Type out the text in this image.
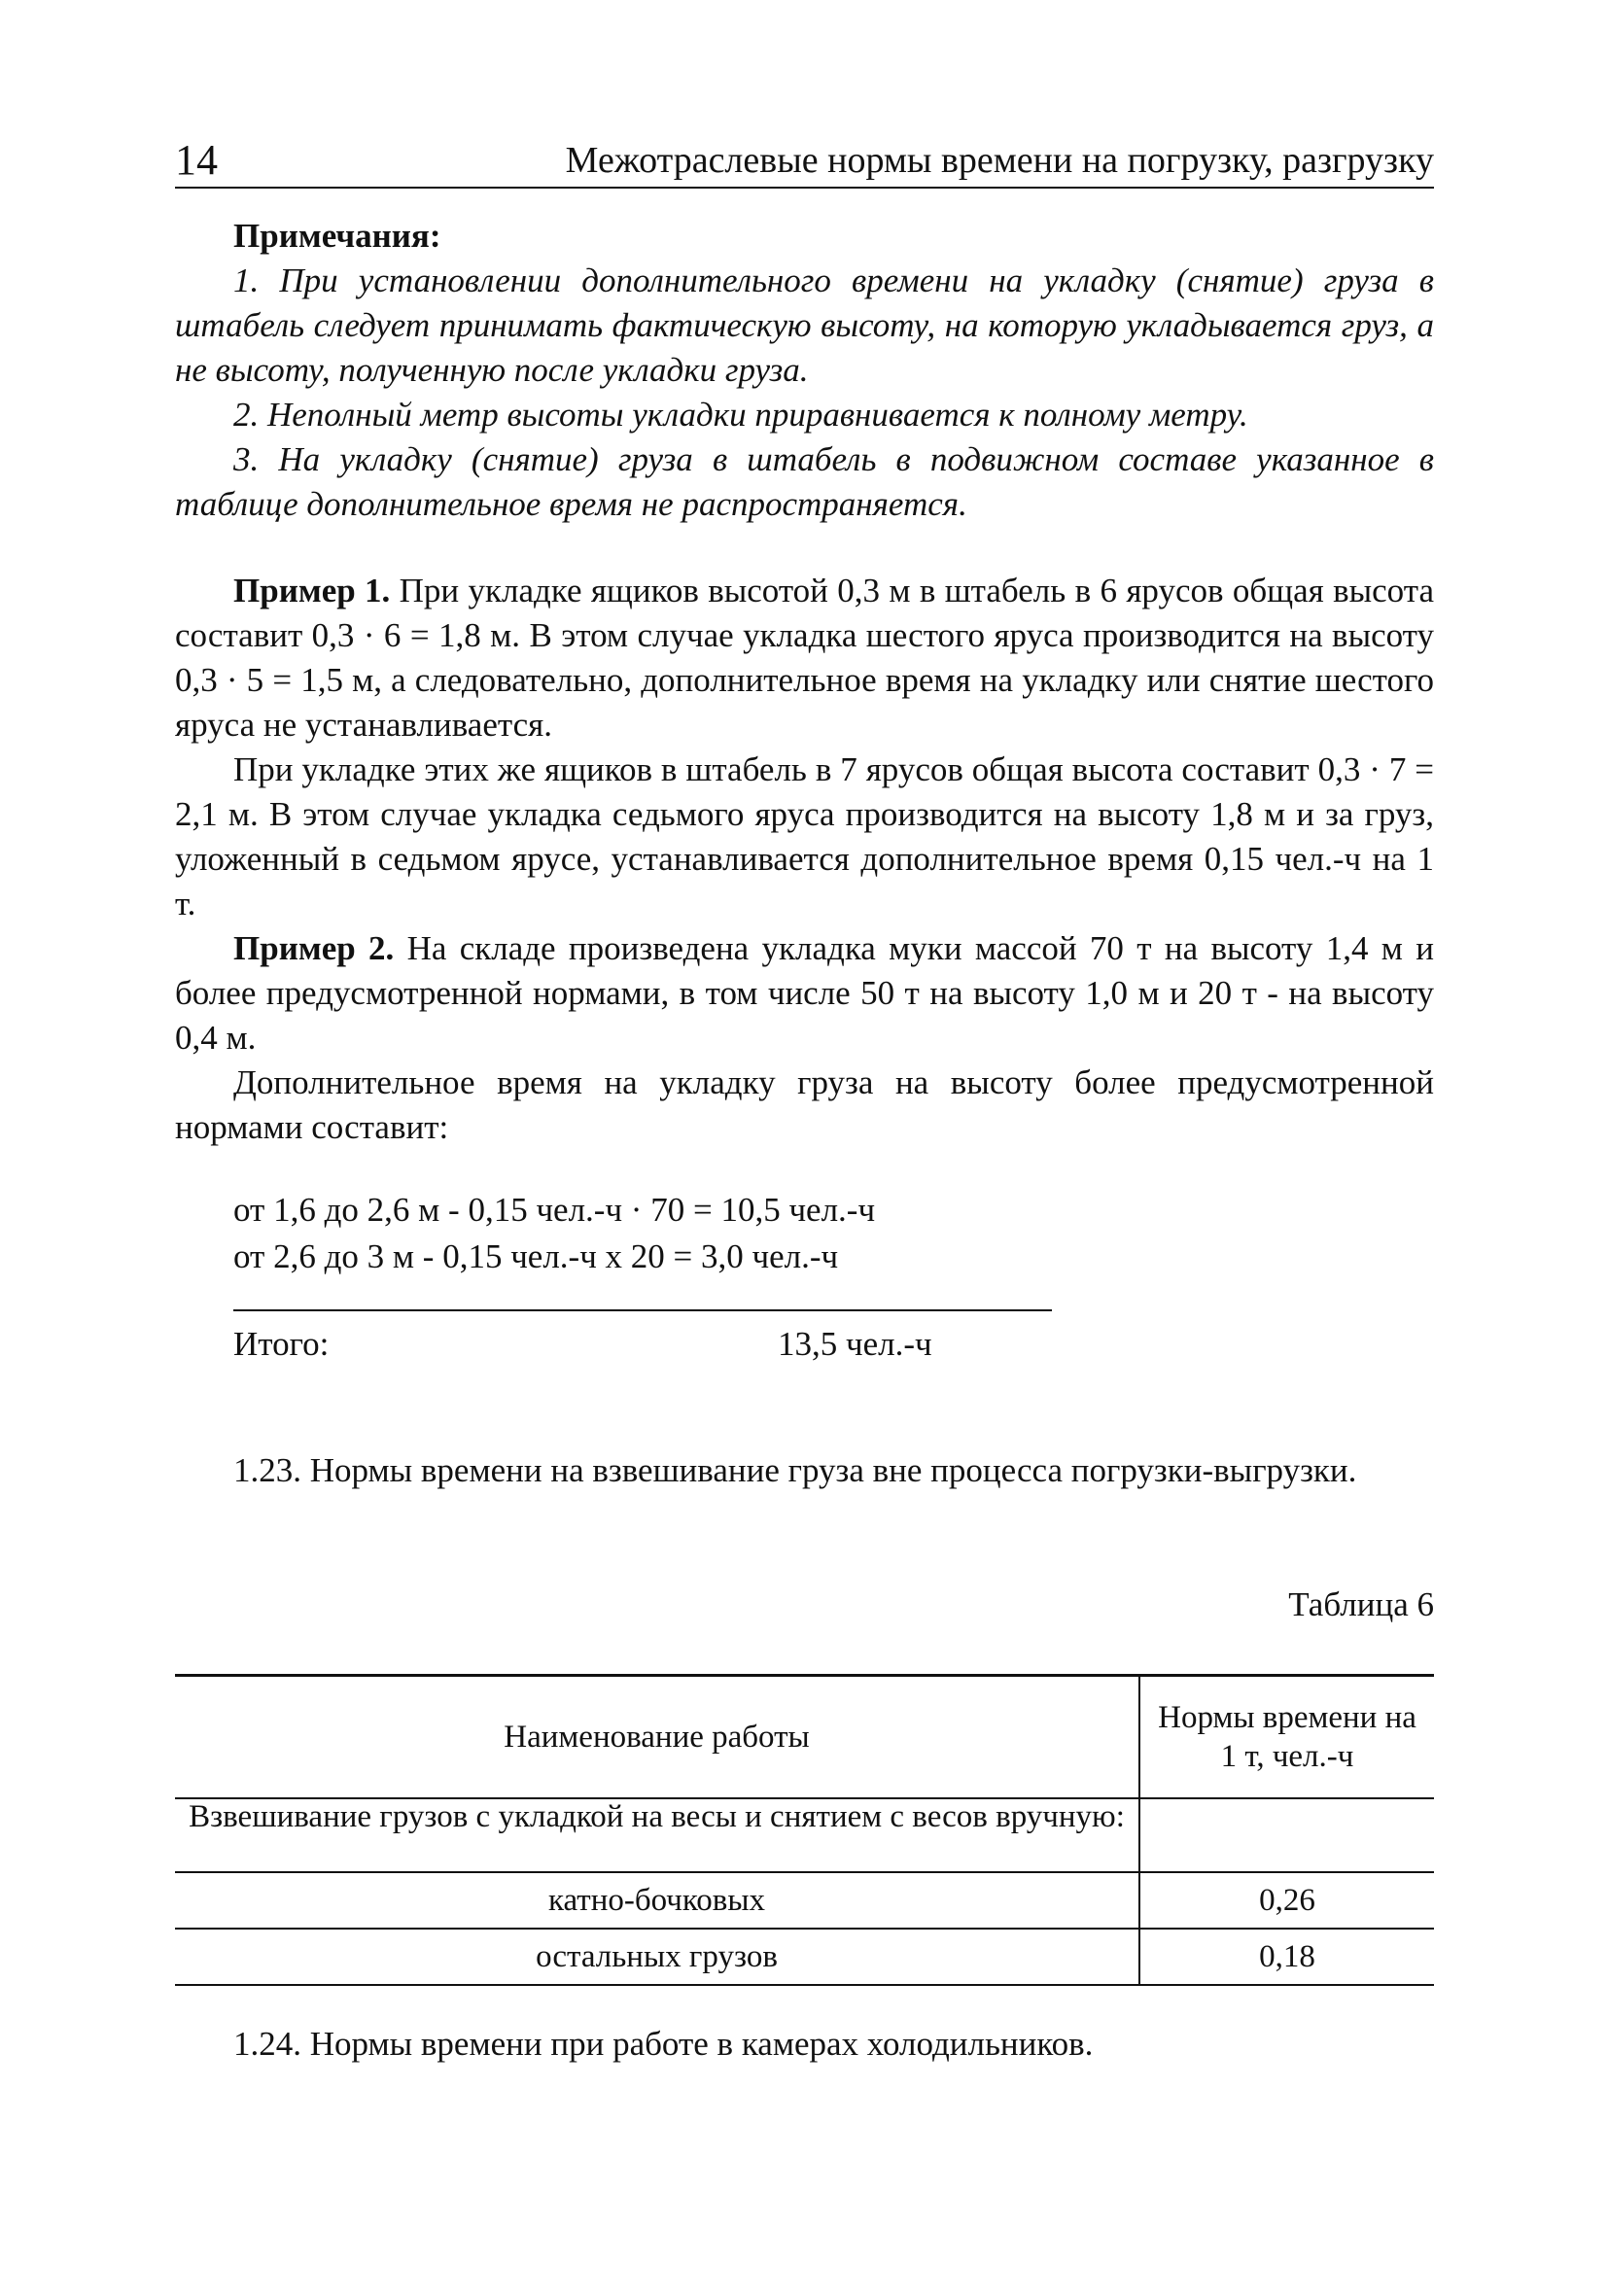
14	Межотраслевые нормы времени на погрузку, разгрузку
Примечания:

1. При установлении дополнительного времени на укладку (снятие) груза в штабель следует принимать фактическую высоту, на которую укладывается груз, а не высоту, полученную после укладки груза.

2. Неполный метр высоты укладки приравнивается к полному метру.

3. На укладку (снятие) груза в штабель в подвижном составе указанное в таблице дополнительное время не распространяется.

Пример 1. При укладке ящиков высотой 0,3 м в штабель в 6 ярусов общая высота составит 0,3 · 6 = 1,8 м. В этом случае укладка шестого яруса производится на высоту 0,3 · 5 = 1,5 м, а следовательно, дополнительное время на укладку или снятие шестого яруса не устанавливается.

При укладке этих же ящиков в штабель в 7 ярусов общая высота составит 0,3 · 7 = 2,1 м. В этом случае укладка седьмого яруса производится на высоту 1,8 м и за груз, уложенный в седьмом ярусе, устанавливается дополнительное время 0,15 чел.-ч на 1 т.

Пример 2. На складе произведена укладка муки массой 70 т на высоту 1,4 м и более предусмотренной нормами, в том числе 50 т на высоту 1,0 м и 20 т - на высоту 0,4 м.

Дополнительное время на укладку груза на высоту более предусмотренной нормами составит:

от 1,6 до 2,6 м - 0,15 чел.-ч · 70 = 10,5 чел.-ч
от 2,6 до 3 м - 0,15 чел.-ч х 20 = 3,0 чел.-ч
Итого:	13,5 чел.-ч

1.23. Нормы времени на взвешивание груза вне процесса погрузки-выгрузки.

Таблица 6
Наименование работы	Нормы времени на 1 т, чел.-ч
Взвешивание грузов с укладкой на весы и снятием с весов вручную:	
катно-бочковых	0,26
остальных грузов	0,18
1.24. Нормы времени при работе в камерах холодильников.
